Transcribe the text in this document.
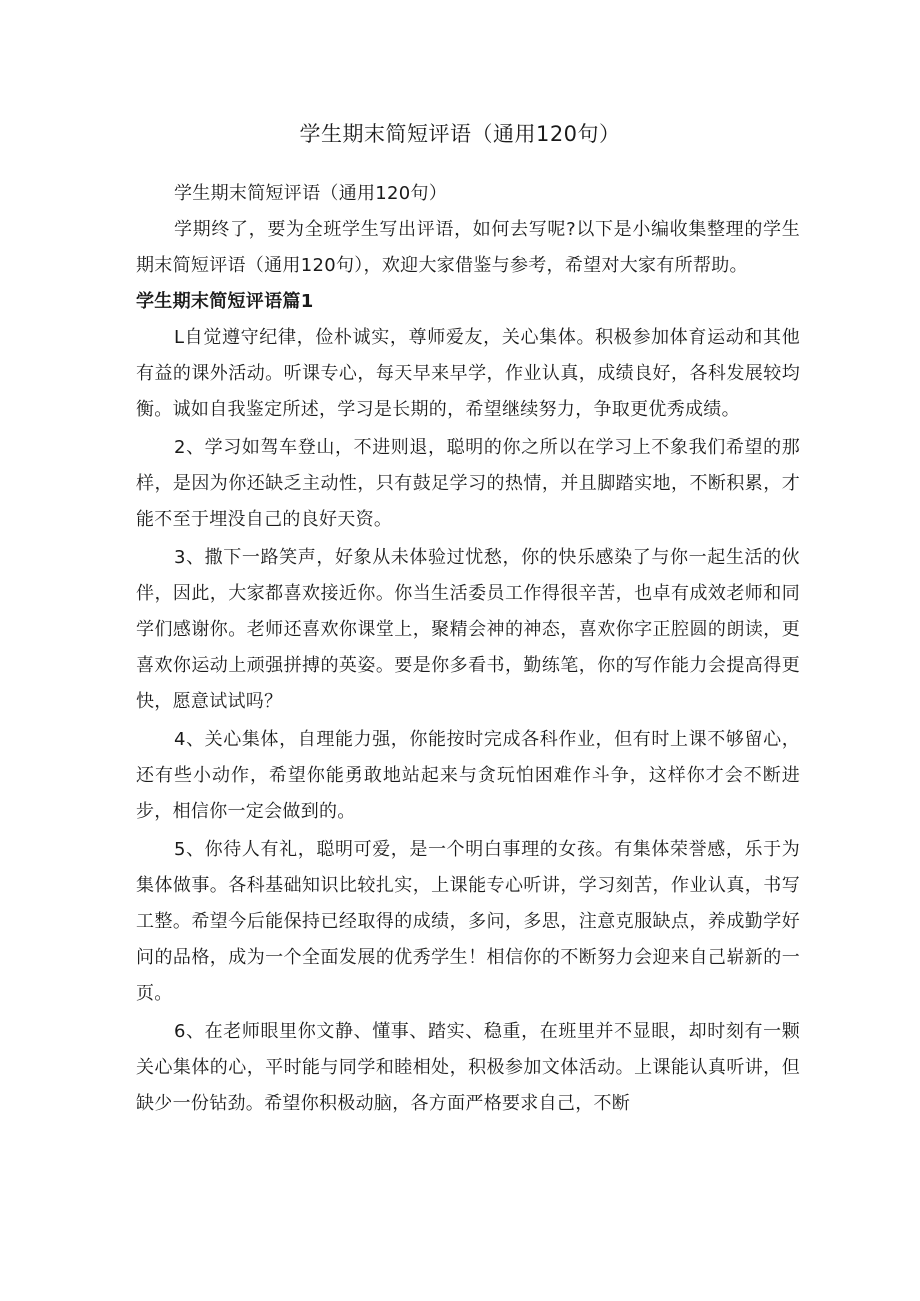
学生期末简短评语（通用120句）

学生期末简短评语（通用120句）

学期终了，要为全班学生写出评语，如何去写呢?以下是小编收集整理的学生期末简短评语（通用120句），欢迎大家借鉴与参考，希望对大家有所帮助。

学生期末简短评语篇1

L自觉遵守纪律，俭朴诚实，尊师爱友，关心集体。积极参加体育运动和其他有益的课外活动。听课专心，每天早来早学，作业认真，成绩良好，各科发展较均衡。诚如自我鉴定所述，学习是长期的，希望继续努力，争取更优秀成绩。

2、学习如驾车登山，不进则退，聪明的你之所以在学习上不象我们希望的那样，是因为你还缺乏主动性，只有鼓足学习的热情，并且脚踏实地，不断积累，才能不至于埋没自己的良好天资。

3、撒下一路笑声，好象从未体验过忧愁，你的快乐感染了与你一起生活的伙伴，因此，大家都喜欢接近你。你当生活委员工作得很辛苦，也卓有成效老师和同学们感谢你。老师还喜欢你课堂上，聚精会神的神态，喜欢你字正腔圆的朗读，更喜欢你运动上顽强拼搏的英姿。要是你多看书，勤练笔，你的写作能力会提高得更快，愿意试试吗？

4、关心集体，自理能力强，你能按时完成各科作业，但有时上课不够留心，还有些小动作，希望你能勇敢地站起来与贪玩怕困难作斗争，这样你才会不断进步，相信你一定会做到的。

5、你待人有礼，聪明可爱，是一个明白事理的女孩。有集体荣誉感，乐于为集体做事。各科基础知识比较扎实，上课能专心听讲，学习刻苦，作业认真，书写工整。希望今后能保持已经取得的成绩，多问，多思，注意克服缺点，养成勤学好问的品格，成为一个全面发展的优秀学生！相信你的不断努力会迎来自己崭新的一页。

6、在老师眼里你文静、懂事、踏实、稳重，在班里并不显眼，却时刻有一颗关心集体的心，平时能与同学和睦相处，积极参加文体活动。上课能认真听讲，但缺少一份钻劲。希望你积极动脑，各方面严格要求自己，不断
